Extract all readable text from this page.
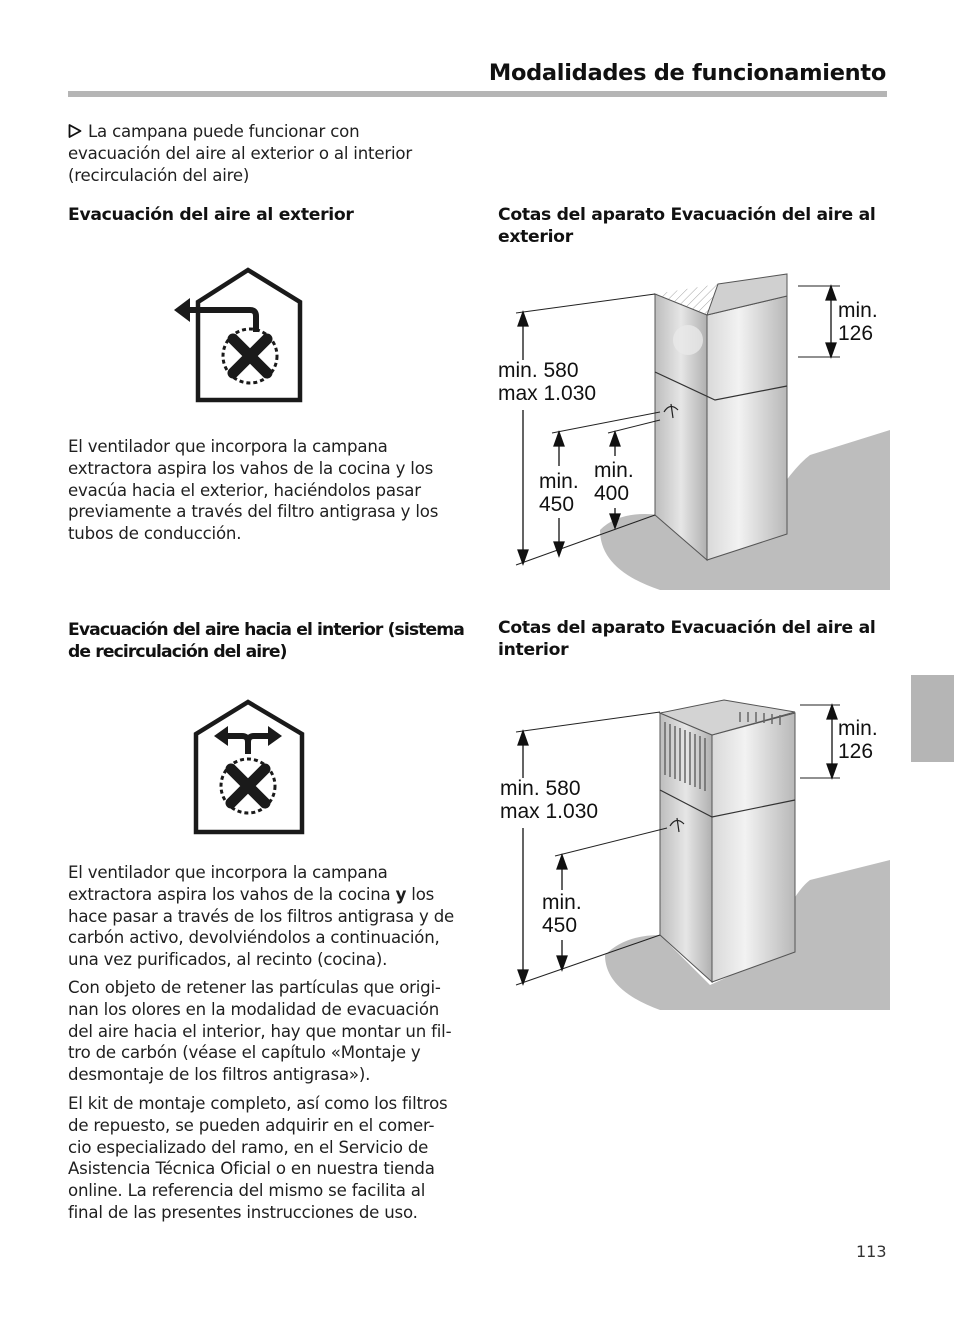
Modalidades de funcionamiento
La campana puede funcionar con
evacuación del aire al exterior o al interior
(recirculación del aire)
Evacuación del aire al exterior
El ventilador que incorpora la campana
extractora aspira los vahos de la cocina y los
evacúa hacia el exterior, haciéndolos pasar
previamente a través del filtro antigrasa y los
tubos de conducción.
Evacuación del aire hacia el interior (sistema
de recirculación del aire)
El ventilador que incorpora la campana
extractora aspira los vahos de la cocina y los
hace pasar a través de los filtros antigrasa y de
carbón activo, devolviéndolos a continuación,
una vez purificados, al recinto (cocina).
Con objeto de retener las partículas que origi-
nan los olores en la modalidad de evacuación
del aire hacia el interior, hay que montar un fil-
tro de carbón (véase el capítulo «Montaje y
desmontaje de los filtros antigrasa»).
El kit de montaje completo, así como los filtros
de repuesto, se pueden adquirir en el comer-
cio especializado del ramo, en el Servicio de
Asistencia Técnica Oficial o en nuestra tienda
online. La referencia del mismo se facilita al
final de las presentes instrucciones de uso.
Cotas del aparato Evacuación del aire al
exterior
min.
126
min. 580
max 1.030
min.
450
min.
400
Cotas del aparato Evacuación del aire al
interior
min.
126
min. 580
max 1.030
min.
450
113
